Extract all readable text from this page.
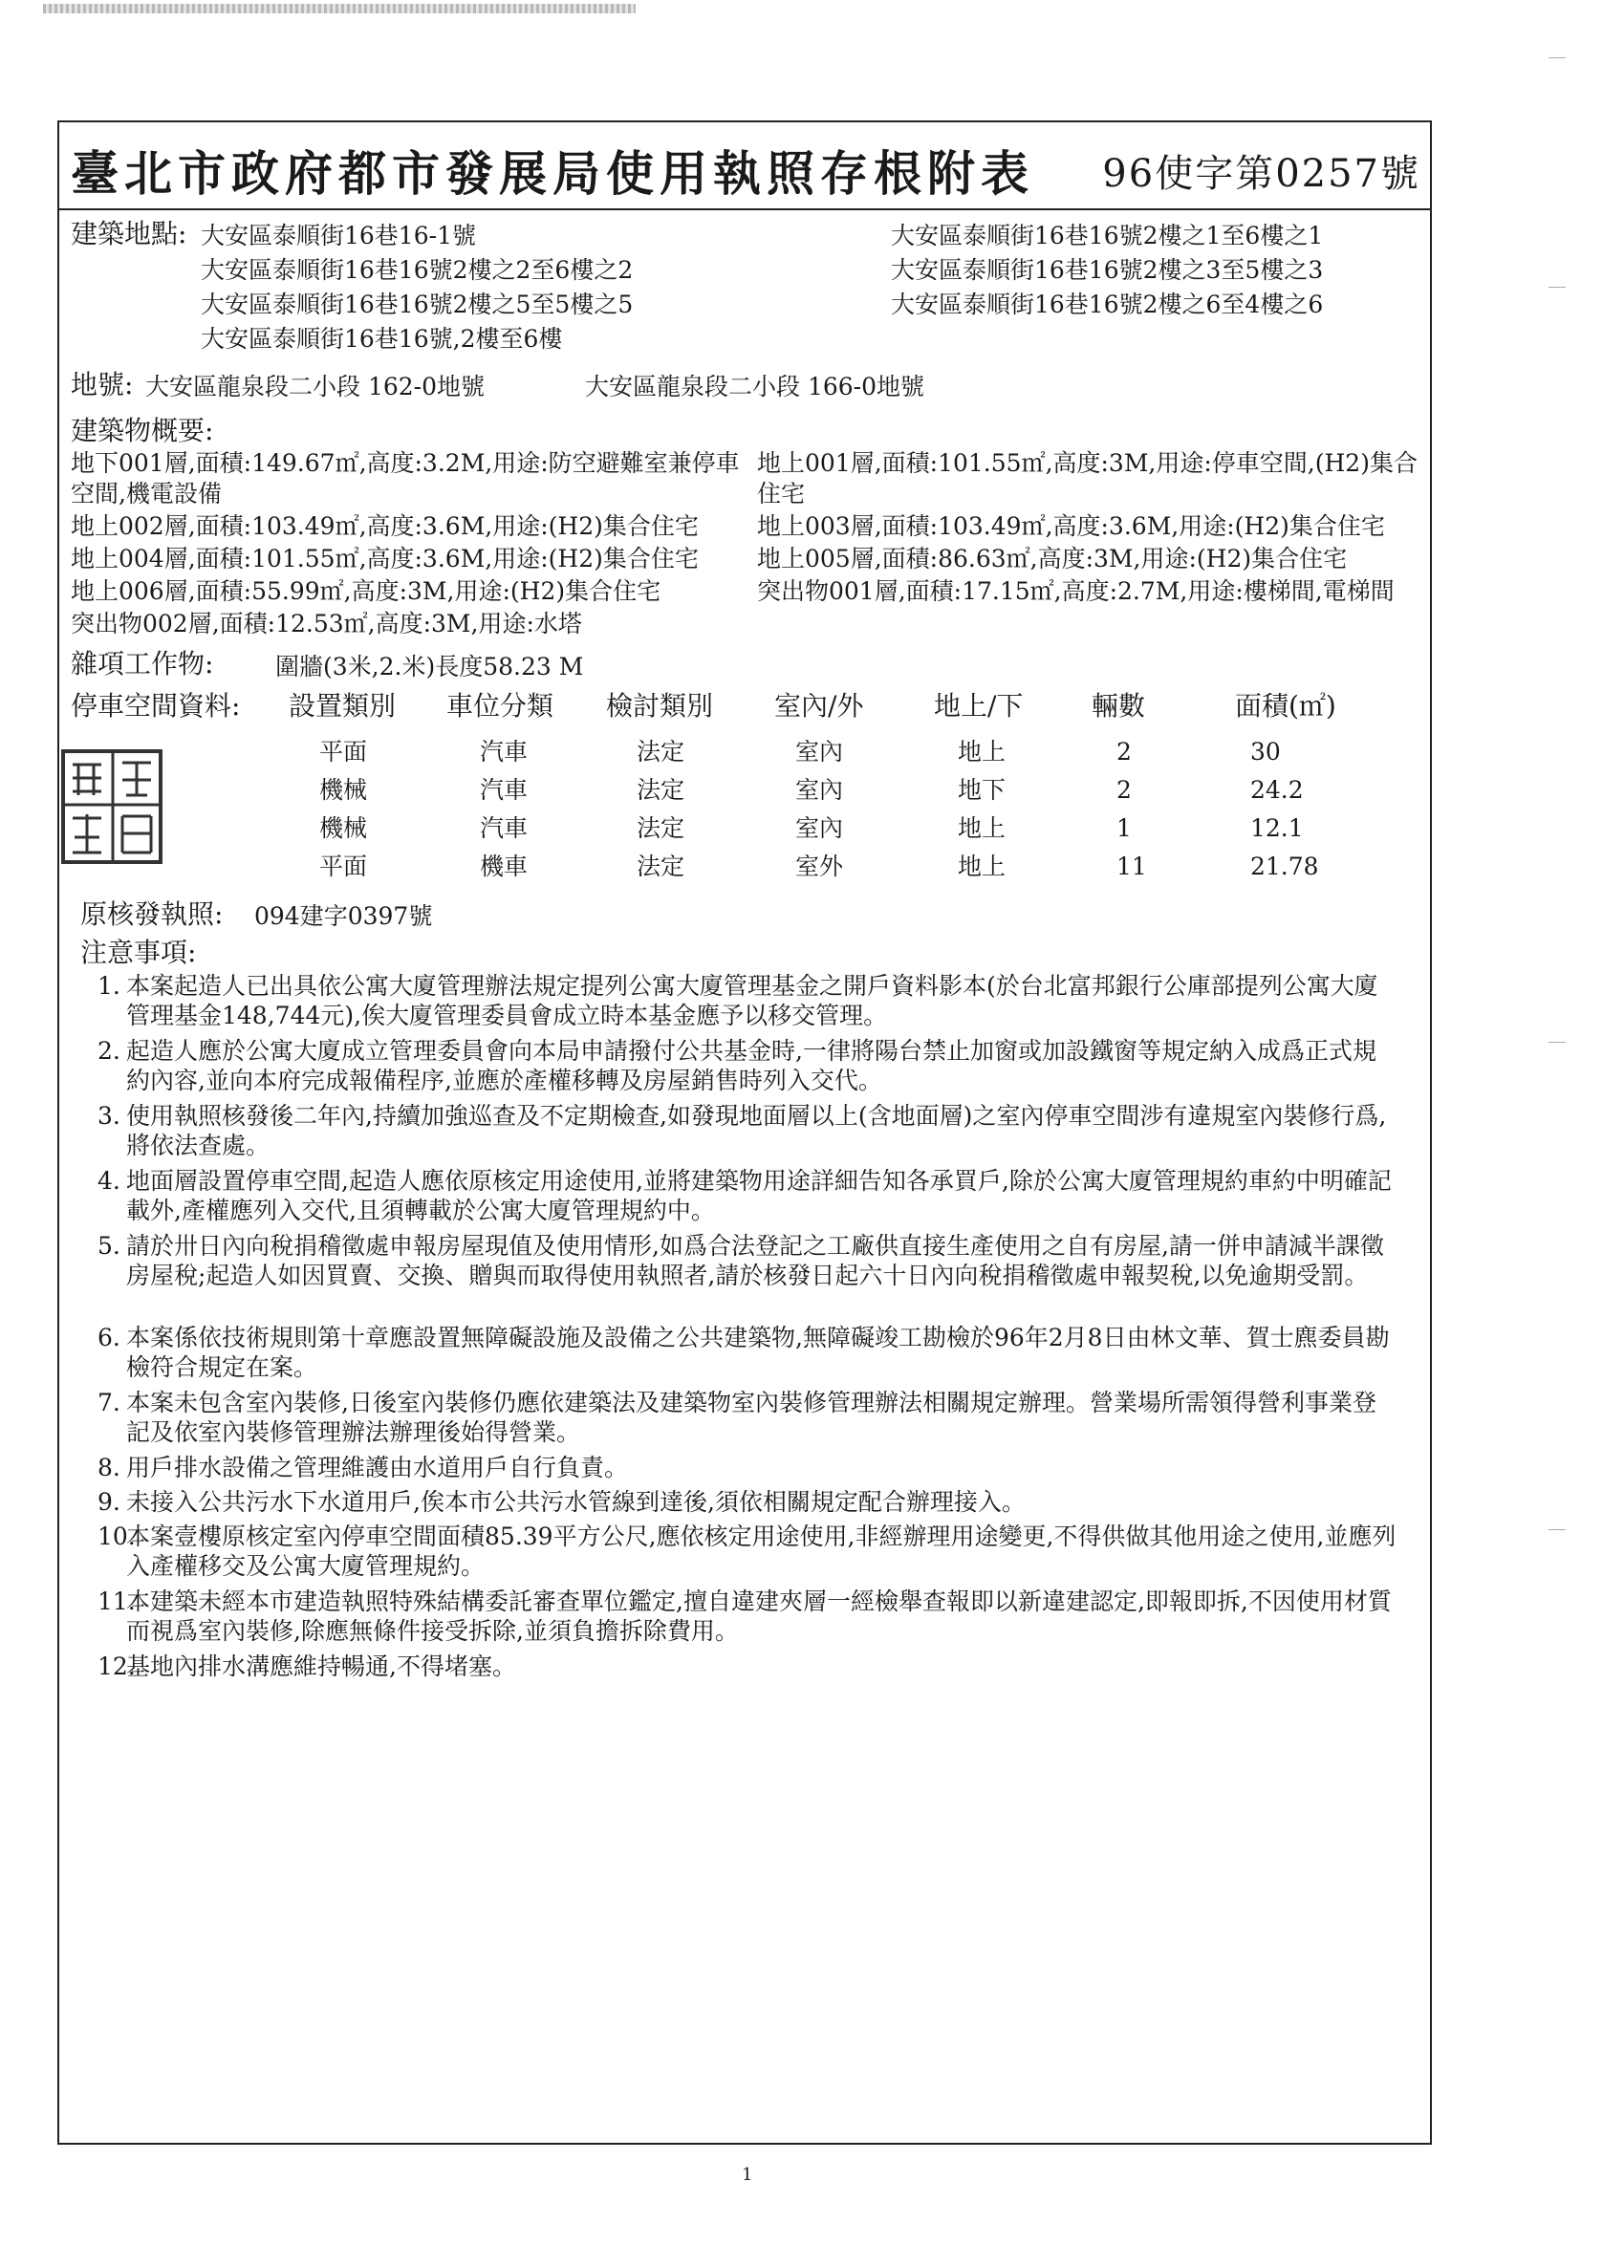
臺北市政府都市發展局使用執照存根附表 96使字第0257號
建築地點: 大安區泰順街16巷16-1號	大安區泰順街16巷16號2樓之1至6樓之1
大安區泰順街16巷16號2樓之2至6樓之2	大安區泰順街16巷16號2樓之3至5樓之3
大安區泰順街16巷16號2樓之5至5樓之5	大安區泰順街16巷16號2樓之6至4樓之6
大安區泰順街16巷16號,2樓至6樓
地號: 大安區龍泉段二小段 162-0地號	大安區龍泉段二小段 166-0地號
建築物概要:
地下001層,面積:149.67㎡,高度:3.2M,用途:防空避難室兼停車 地上001層,面積:101.55㎡,高度:3M,用途:停車空間,(H2)集合
空間,機電設備	住宅
地上002層,面積:103.49㎡,高度:3.6M,用途:(H2)集合住宅 地上003層,面積:103.49㎡,高度:3.6M,用途:(H2)集合住宅
地上004層,面積:101.55㎡,高度:3.6M,用途:(H2)集合住宅 地上005層,面積:86.63㎡,高度:3M,用途:(H2)集合住宅
地上006層,面積:55.99㎡,高度:3M,用途:(H2)集合住宅	突出物001層,面積:17.15㎡,高度:2.7M,用途:樓梯間,電梯間
突出物002層,面積:12.53㎡,高度:3M,用途:水塔
雜項工作物:	圍牆(3米,2.米)長度58.23 M
停車空間資料: 設置類別 車位分類 檢討類別 室內/外	地上/下	輛數	面積(㎡)
平面	汽車	法定	室內	地上	2	30
機械	汽車	法定	室內	地下	2	24.2
機械	汽車	法定	室內	地上	1	12.1
平面	機車	法定	室外	地上	11	21.78
原核發執照: 094建字0397號
注意事項:
1. 本案起造人已出具依公寓大廈管理辦法規定提列公寓大廈管理基金之開戶資料影本(於台北富邦銀行公庫部提列公寓大廈管理基金148,744元),俟大廈管理委員會成立時本基金應予以移交管理。
2. 起造人應於公寓大廈成立管理委員會向本局申請撥付公共基金時,一律將陽台禁止加窗或加設鐵窗等規定納入成爲正式規約內容,並向本府完成報備程序,並應於產權移轉及房屋銷售時列入交代。
3. 使用執照核發後二年內,持續加強巡查及不定期檢查,如發現地面層以上(含地面層)之室內停車空間涉有違規室內裝修行爲,將依法查處。
4. 地面層設置停車空間,起造人應依原核定用途使用,並將建築物用途詳細告知各承買戶,除於公寓大廈管理規約車約中明確記載外,產權應列入交代,且須轉載於公寓大廈管理規約中。
5. 請於卅日內向稅捐稽徵處申報房屋現值及使用情形,如爲合法登記之工廠供直接生產使用之自有房屋,請一併申請減半課徵房屋稅;起造人如因買賣、交換、贈與而取得使用執照者,請於核發日起六十日內向稅捐稽徵處申報契稅,以免逾期受罰。
6. 本案係依技術規則第十章應設置無障礙設施及設備之公共建築物,無障礙竣工勘檢於96年2月8日由林文華、賀士麃委員勘檢符合規定在案。
7. 本案未包含室內裝修,日後室內裝修仍應依建築法及建築物室內裝修管理辦法相關規定辦理。營業場所需領得營利事業登記及依室內裝修管理辦法辦理後始得營業。
8. 用戶排水設備之管理維護由水道用戶自行負責。
9. 未接入公共污水下水道用戶,俟本市公共污水管線到達後,須依相關規定配合辦理接入。
10.本案壹樓原核定室內停車空間面積85.39平方公尺,應依核定用途使用,非經辦理用途變更,不得供做其他用途之使用,並應列入產權移交及公寓大廈管理規約。
11.本建築未經本市建造執照特殊結構委託審查單位鑑定,擅自違建夾層一經檢舉查報即以新違建認定,即報即拆,不因使用材質而視爲室內裝修,除應無條件接受拆除,並須負擔拆除費用。
12.基地內排水溝應維持暢通,不得堵塞。
1
